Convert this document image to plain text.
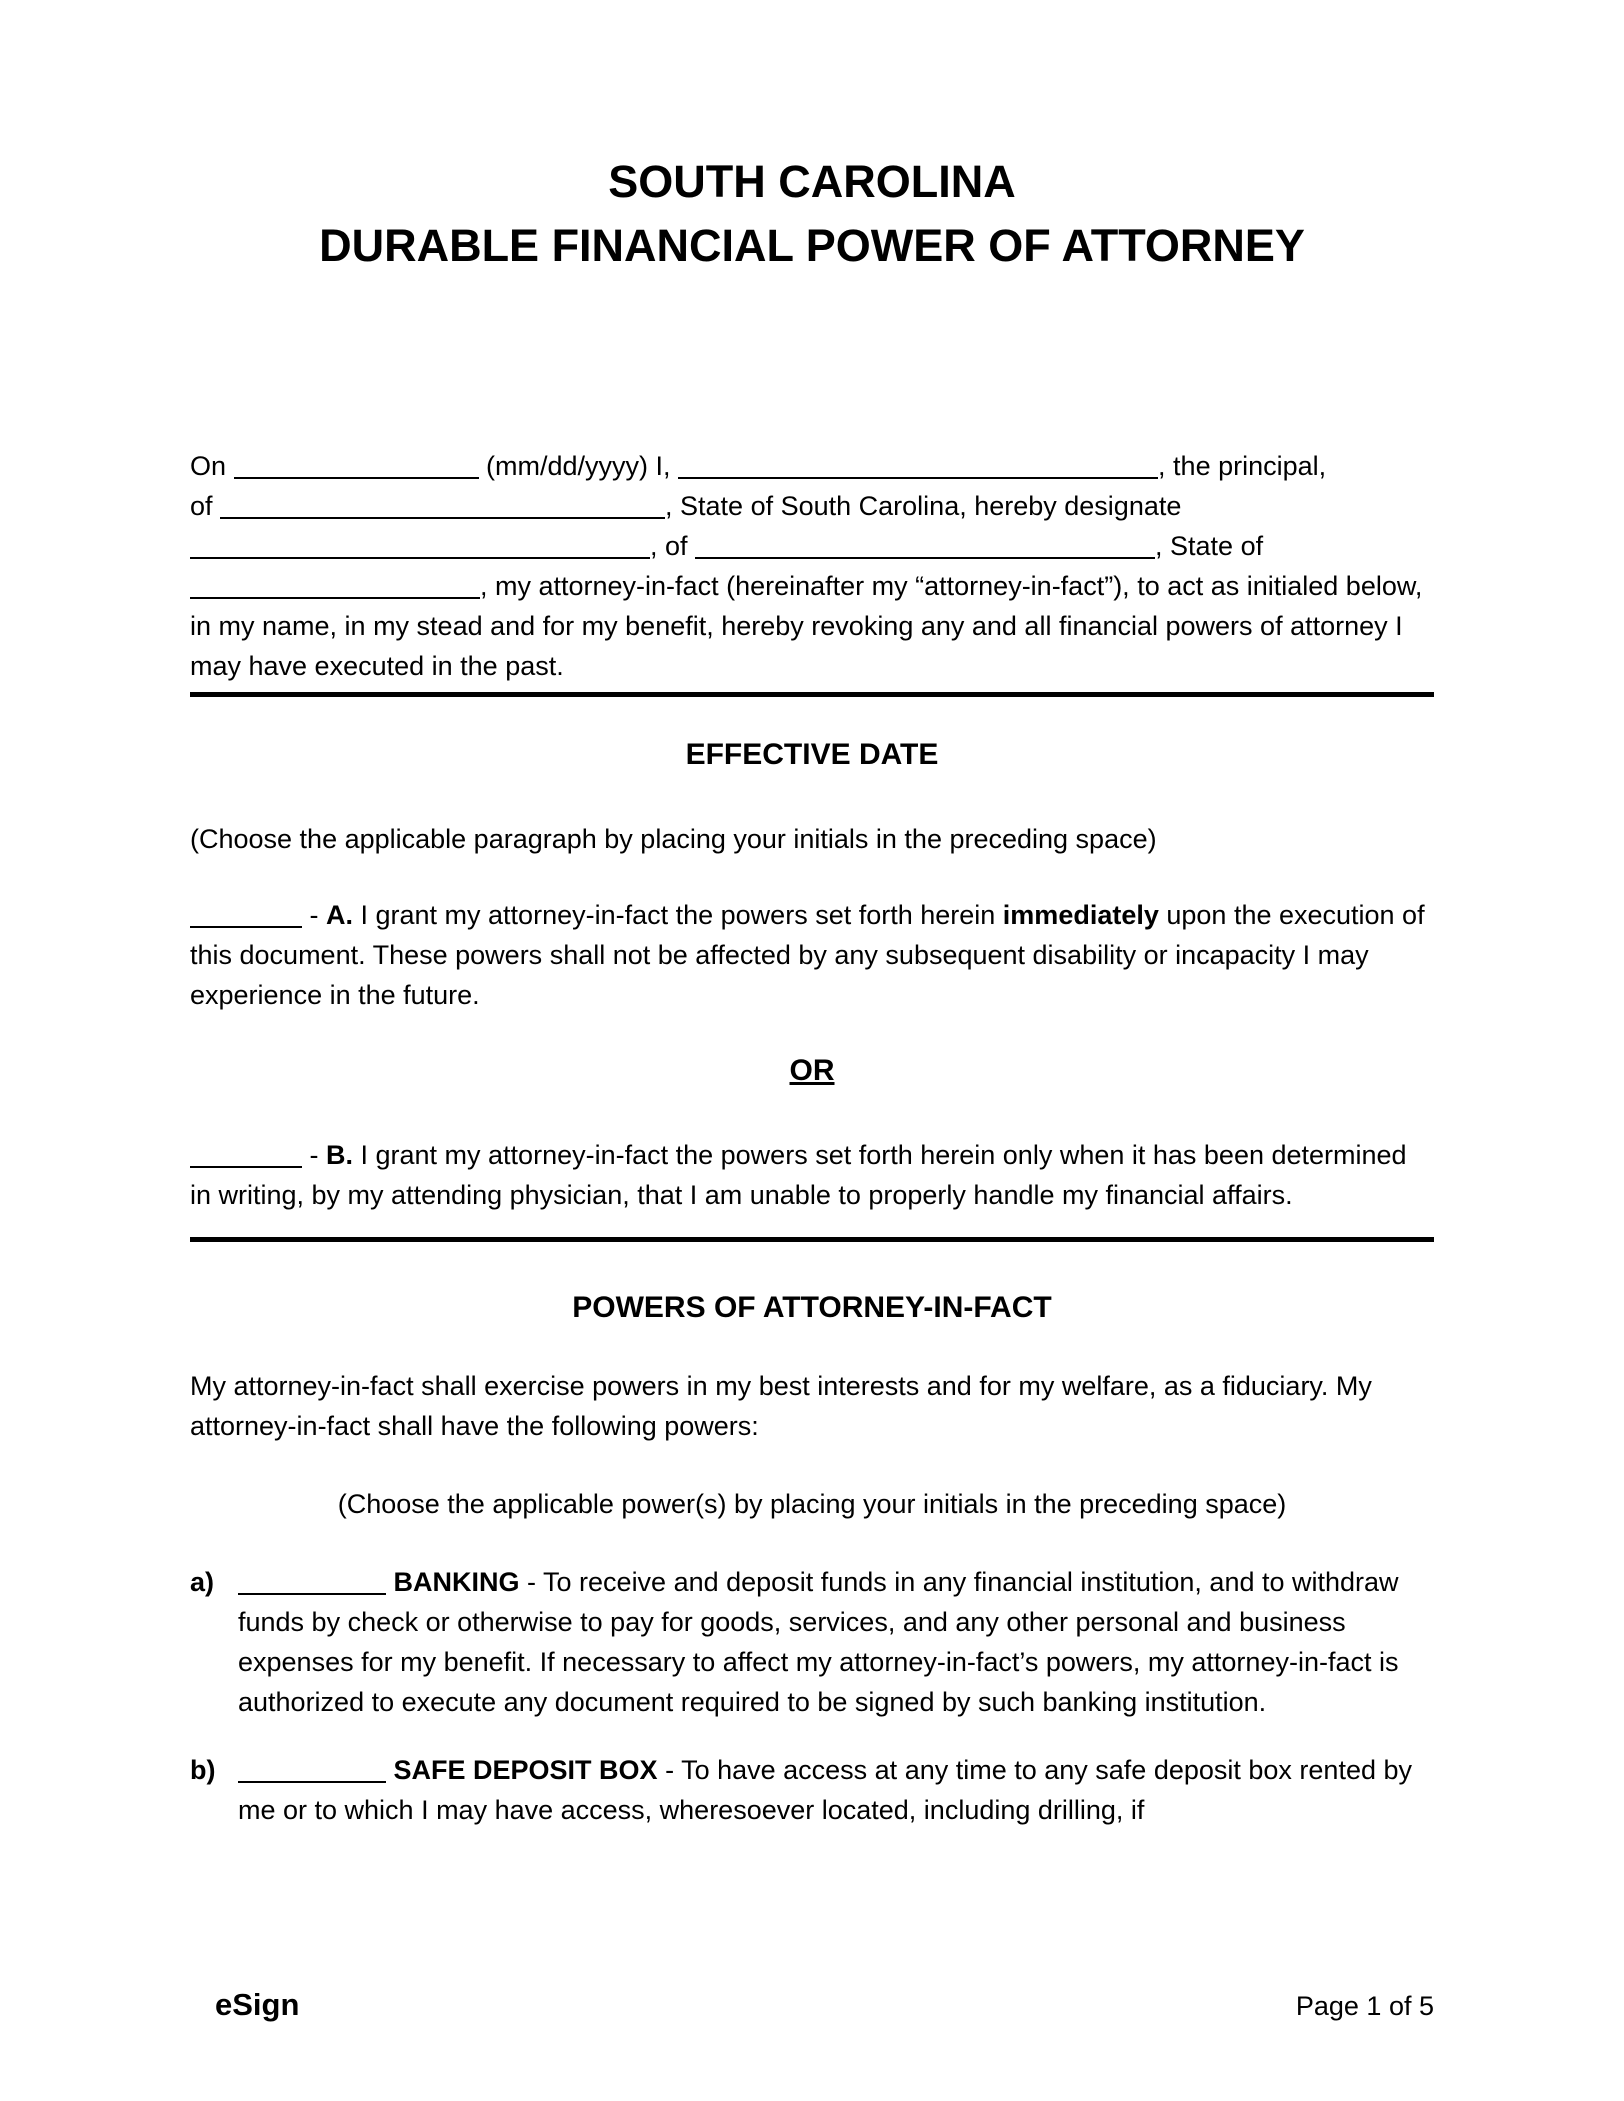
SOUTH CAROLINA
DURABLE FINANCIAL POWER OF ATTORNEY

On	(mm/dd/yyyy) I,	, the principal,
of	, State of South Carolina, hereby designate
, of	, State of
, my attorney-in-fact (hereinafter my “attorney-in-fact”), to act as initialed below, in my name, in my stead and for my benefit, hereby revoking any and all financial powers of attorney I may have executed in the past.

EFFECTIVE DATE

(Choose the applicable paragraph by placing your initials in the preceding space)

- A. I grant my attorney-in-fact the powers set forth herein immediately upon the execution of this document. These powers shall not be affected by any subsequent disability or incapacity I may experience in the future.

OR

- B. I grant my attorney-in-fact the powers set forth herein only when it has been determined in writing, by my attending physician, that I am unable to properly handle my financial affairs.

POWERS OF ATTORNEY-IN-FACT

My attorney-in-fact shall exercise powers in my best interests and for my welfare, as a fiduciary. My attorney-in-fact shall have the following powers:

(Choose the applicable power(s) by placing your initials in the preceding space)

a)	BANKING - To receive and deposit funds in any financial institution, and to withdraw funds by check or otherwise to pay for goods, services, and any other personal and business expenses for my benefit. If necessary to affect my attorney-in-fact’s powers, my attorney-in-fact is authorized to execute any document required to be signed by such banking institution.
b)	SAFE DEPOSIT BOX - To have access at any time to any safe deposit box rented by me or to which I may have access, wheresoever located, including drilling, if
eSign	Page 1 of 5
